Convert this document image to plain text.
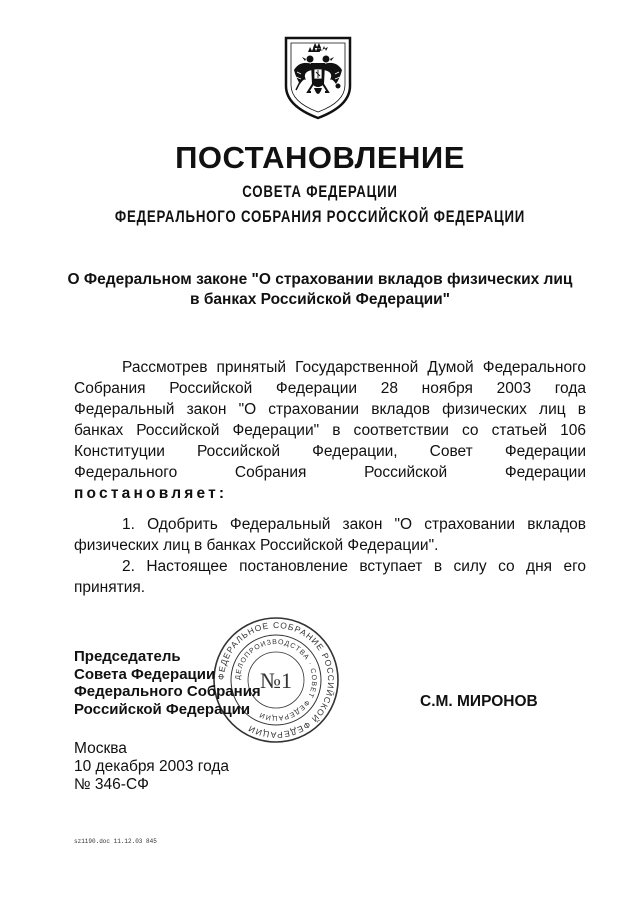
ПОСТАНОВЛЕНИЕ
СОВЕТА ФЕДЕРАЦИИ
ФЕДЕРАЛЬНОГО СОБРАНИЯ РОССИЙСКОЙ ФЕДЕРАЦИИ
О Федеральном законе "О страховании вкладов физических лиц
в банках Российской Федерации"
Рассмотрев принятый Государственной Думой Федерального
Собрания Российской Федерации 28 ноября 2003 года
Федеральный закон "О страховании вкладов физических лиц в
банках Российской Федерации" в соответствии со статьей 106
Конституции Российской Федерации, Совет Федерации
Федерального Собрания Российской Федерации
постановляет:
1. Одобрить Федеральный закон "О страховании вкладов
физических лиц в банках Российской Федерации".
2. Настоящее постановление вступает в силу со дня его
принятия.
ФЕДЕРАЛЬНОЕ СОБРАНИЕ РОССИЙСКОЙ ФЕДЕРАЦИИ
ДЕЛОПРОИЗВОДСТВА · СОВЕТ ФЕДЕРАЦИИ
№1
Председатель
Совета Федерации
Федерального Собрания
Российской Федерации	С.М. МИРОНОВ
Москва
10 декабря 2003 года
№ 346-СФ
sz1190.doc 11.12.03 845
